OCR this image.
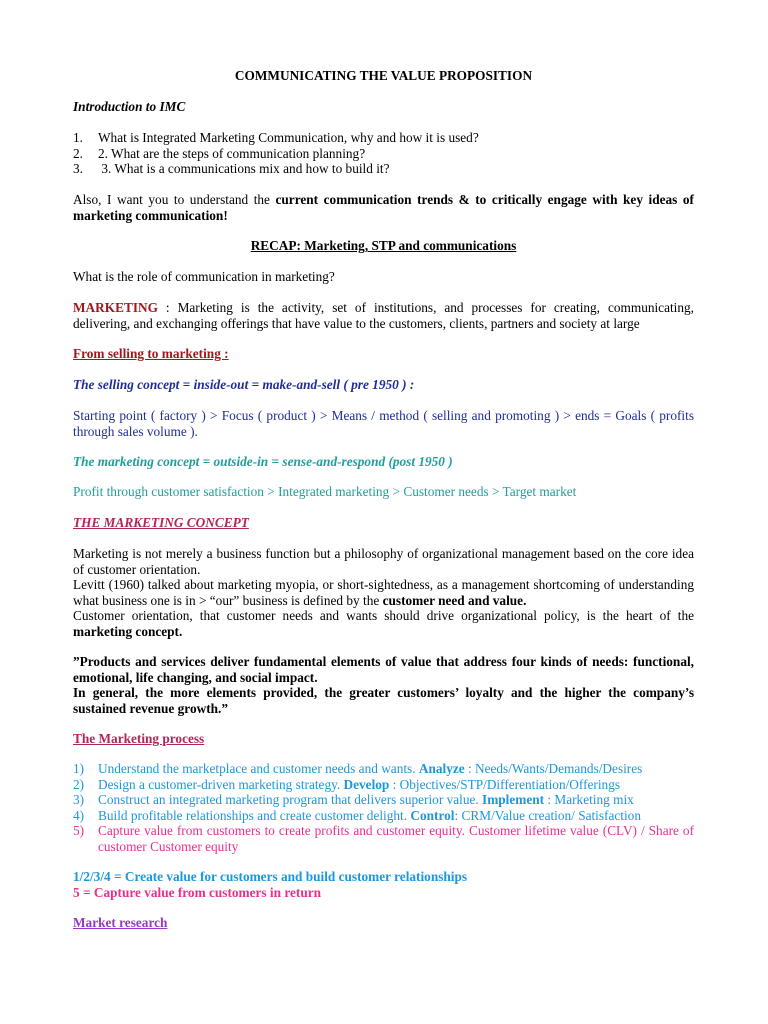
COMMUNICATING THE VALUE PROPOSITION
Introduction to IMC
1. What is Integrated Marketing Communication, why and how it is used?
2. 2. What are the steps of communication planning?
3. 3. What is a communications mix and how to build it?

Also, I want you to understand the current communication trends & to critically engage with key ideas of marketing communication!

RECAP: Marketing, STP and communications
What is the role of communication in marketing?

MARKETING : Marketing is the activity, set of institutions, and processes for creating, communicating, delivering, and exchanging offerings that have value to the customers, clients, partners and society at large

From selling to marketing :
The selling concept = inside-out = make-and-sell ( pre 1950 ) :

Starting point ( factory ) > Focus ( product ) > Means / method ( selling and promoting ) > ends = Goals ( profits through sales volume ).

The marketing concept = outside-in = sense-and-respond (post 1950 )
Profit through customer satisfaction > Integrated marketing > Customer needs > Target market
THE MARKETING CONCEPT
Marketing is not merely a business function but a philosophy of organizational management based on the core idea of customer orientation.
Levitt (1960) talked about marketing myopia, or short-sightedness, as a management shortcoming of understanding what business one is in > “our” business is defined by the customer need and value.
Customer orientation, that customer needs and wants should drive organizational policy, is the heart of the marketing concept.
”Products and services deliver fundamental elements of value that address four kinds of needs: functional, emotional, life changing, and social impact.
In general, the more elements provided, the greater customers’ loyalty and the higher the company’s sustained revenue growth.”
The Marketing process
1) Understand the marketplace and customer needs and wants. Analyze : Needs/Wants/Demands/Desires
2) Design a customer-driven marketing strategy. Develop : Objectives/STP/Differentiation/Offerings
3) Construct an integrated marketing program that delivers superior value. Implement : Marketing mix
4) Build profitable relationships and create customer delight. Control: CRM/Value creation/ Satisfaction
5) Capture value from customers to create profits and customer equity. Customer lifetime value (CLV) / Share of customer Customer equity
1/2/3/4 = Create value for customers and build customer relationships
5 = Capture value from customers in return
Market research
